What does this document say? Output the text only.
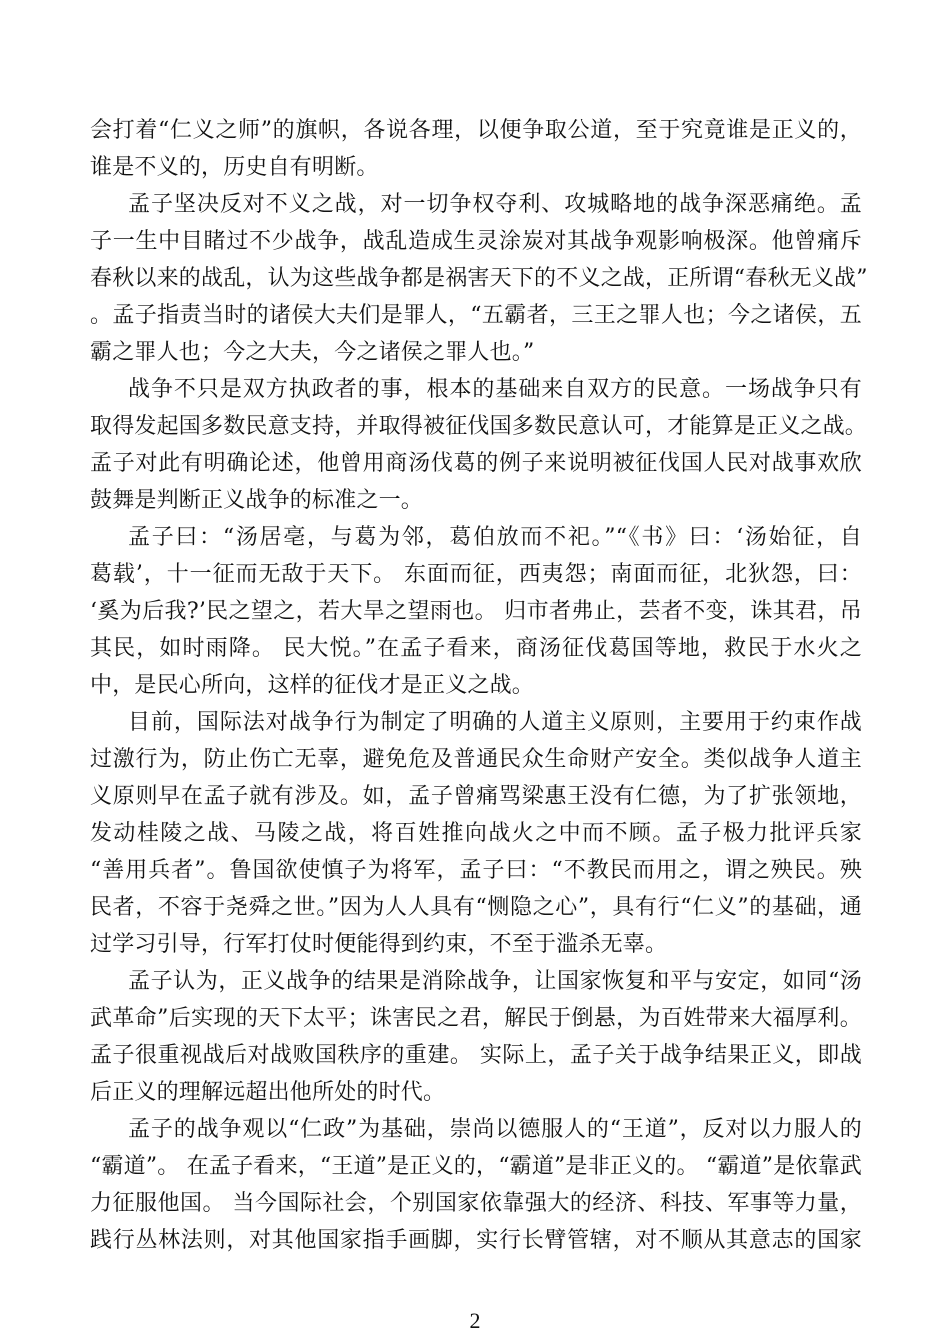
会打着“仁义之师”的旗帜，各说各理，以便争取公道，至于究竟谁是正义的，
谁是不义的，历史自有明断。
孟子坚决反对不义之战，对一切争权夺利、攻城略地的战争深恶痛绝。孟
子一生中目睹过不少战争，战乱造成生灵涂炭对其战争观影响极深。他曾痛斥
春秋以来的战乱，认为这些战争都是祸害天下的不义之战，正所谓“春秋无义战”
。孟子指责当时的诸侯大夫们是罪人，“五霸者，三王之罪人也；今之诸侯，五
霸之罪人也；今之大夫，今之诸侯之罪人也。”
战争不只是双方执政者的事，根本的基础来自双方的民意。一场战争只有
取得发起国多数民意支持，并取得被征伐国多数民意认可，才能算是正义之战。
孟子对此有明确论述，他曾用商汤伐葛的例子来说明被征伐国人民对战事欢欣
鼓舞是判断正义战争的标准之一。
孟子曰：“汤居亳，与葛为邻，葛伯放而不祀。”“《书》曰：‘汤始征，自
葛载’，十一征而无敌于天下。 东面而征，西夷怨；南面而征，北狄怨，曰：
‘奚为后我?’民之望之，若大旱之望雨也。 归市者弗止，芸者不变，诛其君，吊
其民，如时雨降。 民大悦。”在孟子看来，商汤征伐葛国等地，救民于水火之
中，是民心所向，这样的征伐才是正义之战。
目前，国际法对战争行为制定了明确的人道主义原则，主要用于约束作战
过激行为，防止伤亡无辜，避免危及普通民众生命财产安全。类似战争人道主
义原则早在孟子就有涉及。如，孟子曾痛骂梁惠王没有仁德，为了扩张领地，
发动桂陵之战、马陵之战，将百姓推向战火之中而不顾。孟子极力批评兵家
“善用兵者”。鲁国欲使慎子为将军，孟子曰：“不教民而用之，谓之殃民。殃
民者，不容于尧舜之世。”因为人人具有“恻隐之心”，具有行“仁义”的基础，通
过学习引导，行军打仗时便能得到约束，不至于滥杀无辜。
孟子认为，正义战争的结果是消除战争，让国家恢复和平与安定，如同“汤
武革命”后实现的天下太平；诛害民之君，解民于倒悬，为百姓带来大福厚利。
孟子很重视战后对战败国秩序的重建。 实际上，孟子关于战争结果正义，即战
后正义的理解远超出他所处的时代。
孟子的战争观以“仁政”为基础，崇尚以德服人的“王道”，反对以力服人的
“霸道”。 在孟子看来，“王道”是正义的，“霸道”是非正义的。 “霸道”是依靠武
力征服他国。 当今国际社会，个别国家依靠强大的经济、科技、军事等力量，
践行丛林法则，对其他国家指手画脚，实行长臂管辖，对不顺从其意志的国家
2
